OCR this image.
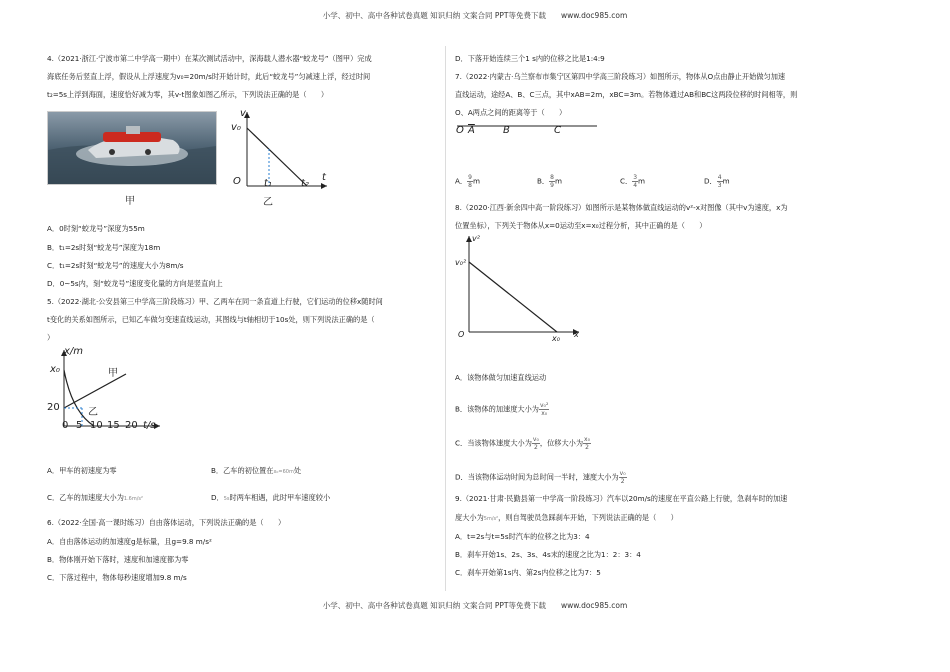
小学、初中、高中各种试卷真题 知识归纳 文案合同 PPT等免费下载　　www.doc985.com
小学、初中、高中各种试卷真题 知识归纳 文案合同 PPT等免费下载　　www.doc985.com
4.（2021·浙江·宁波市第二中学高一期中）在某次测试活动中，深海载人潜水器“蛟龙号”（图甲）完成
海底任务后竖直上浮，假设从上浮速度为v₀=20m/s时开始计时，此后“蛟龙号”匀减速上浮，经过时间
t₂=5s上浮到海面，速度恰好减为零，其v-t图象如图乙所示，下列说法正确的是（　　）
甲
v
v₀
O t₁	t₂
t
乙
A．0时刻“蛟龙号”深度为55m
B．t₁=2s时刻“蛟龙号”深度为18m
C．t₁=2s时刻“蛟龙号”的速度大小为8m/s
D．0~5s内，刻“蛟龙号”速度变化量的方向是竖直向上
5.（2022·湖北·公安县第三中学高三阶段练习）甲、乙两车在同一条直道上行驶，它们运动的位移x随时间
t变化的关系如图所示，已知乙车做匀变速直线运动，其图线与t轴相切于10s处，则下列说法正确的是（
）
x/m
x₀	甲
乙
20
0 5 10 15 20 t/s
A．甲车的初速度为零	B．乙车的初位置在x₀=60m处
C．乙车的加速度大小为1.6m/s²	D．5s时两车相遇，此时甲车速度较小
6.（2022·全国·高一课时练习）自由落体运动，下列说法正确的是（　　）
A．自由落体运动的加速度g是标量，且g=9.8 m/s²
B．物体刚开始下落时，速度和加速度都为零
C．下落过程中，物体每秒速度增加9.8 m/s
D．下落开始连续三个1 s内的位移之比是1:4:9
7.（2022·内蒙古·乌兰察布市集宁区第四中学高三阶段练习）如图所示，物体从O点由静止开始做匀加速
直线运动，途经A、B、C三点，其中xAB=2m，xBC=3m。若物体通过AB和BC这两段位移的时间相等，则
O、A两点之间的距离等于（　　）
O $\overline{A}$	B	C
A． $\frac{9}{8}$ m	B． $\frac{8}{9}$ m	C． $\frac{3}{4}$ m	D． $\frac{4}{3}$ m
8.（2020·江西·新余四中高一阶段练习）如图所示是某物体做直线运动的v²-x对图像（其中v为速度，x为
位置坐标），下列关于物体从x=0运动至x=x₀过程分析，其中正确的是（　　）
v²
v₀²
O	x₀ x
A．该物体做匀加速直线运动
B．该物体的加速度大小为 $\frac{\text{v₀²}}{\text{x₀}}$
C．当该物体速度大小为 $\frac{\text{v₀}}{2}$ ，位移大小为 $\frac{\text{x₀}}{2}$
D．当该物体运动时间为总时间一半时，速度大小为 $\frac{\text{v₀}}{2}$
9.（2021·甘肃·民勤县第一中学高一阶段练习）汽车以20m/s的速度在平直公路上行驶，急刹车时的加速
度大小为5m/s²，则自驾驶员急踩刹车开始，下列说法正确的是（　　）
A．t=2s与t=5s时汽车的位移之比为3：4
B．刹车开始1s、2s、3s、4s末的速度之比为1：2：3：4
C．刹车开始第1s内、第2s内位移之比为7：5
